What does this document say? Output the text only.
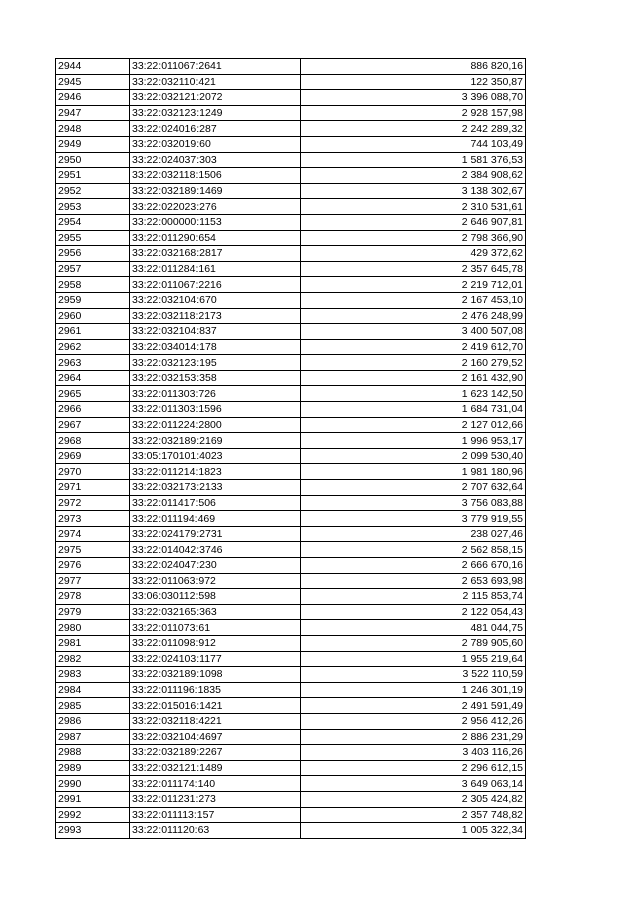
2944	33:22:011067:2641	886 820,16
2945	33:22:032110:421	122 350,87
2946	33:22:032121:2072	3 396 088,70
2947	33:22:032123:1249	2 928 157,98
2948	33:22:024016:287	2 242 289,32
2949	33:22:032019:60	744 103,49
2950	33:22:024037:303	1 581 376,53
2951	33:22:032118:1506	2 384 908,62
2952	33:22:032189:1469	3 138 302,67
2953	33:22:022023:276	2 310 531,61
2954	33:22:000000:1153	2 646 907,81
2955	33:22:011290:654	2 798 366,90
2956	33:22:032168:2817	429 372,62
2957	33:22:011284:161	2 357 645,78
2958	33:22:011067:2216	2 219 712,01
2959	33:22:032104:670	2 167 453,10
2960	33:22:032118:2173	2 476 248,99
2961	33:22:032104:837	3 400 507,08
2962	33:22:034014:178	2 419 612,70
2963	33:22:032123:195	2 160 279,52
2964	33:22:032153:358	2 161 432,90
2965	33:22:011303:726	1 623 142,50
2966	33:22:011303:1596	1 684 731,04
2967	33:22:011224:2800	2 127 012,66
2968	33:22:032189:2169	1 996 953,17
2969	33:05:170101:4023	2 099 530,40
2970	33:22:011214:1823	1 981 180,96
2971	33:22:032173:2133	2 707 632,64
2972	33:22:011417:506	3 756 083,88
2973	33:22:011194:469	3 779 919,55
2974	33:22:024179:2731	238 027,46
2975	33:22:014042:3746	2 562 858,15
2976	33:22:024047:230	2 666 670,16
2977	33:22:011063:972	2 653 693,98
2978	33:06:030112:598	2 115 853,74
2979	33:22:032165:363	2 122 054,43
2980	33:22:011073:61	481 044,75
2981	33:22:011098:912	2 789 905,60
2982	33:22:024103:1177	1 955 219,64
2983	33:22:032189:1098	3 522 110,59
2984	33:22:011196:1835	1 246 301,19
2985	33:22:015016:1421	2 491 591,49
2986	33:22:032118:4221	2 956 412,26
2987	33:22:032104:4697	2 886 231,29
2988	33:22:032189:2267	3 403 116,26
2989	33:22:032121:1489	2 296 612,15
2990	33:22:011174:140	3 649 063,14
2991	33:22:011231:273	2 305 424,82
2992	33:22:011113:157	2 357 748,82
2993	33:22:011120:63	1 005 322,34
